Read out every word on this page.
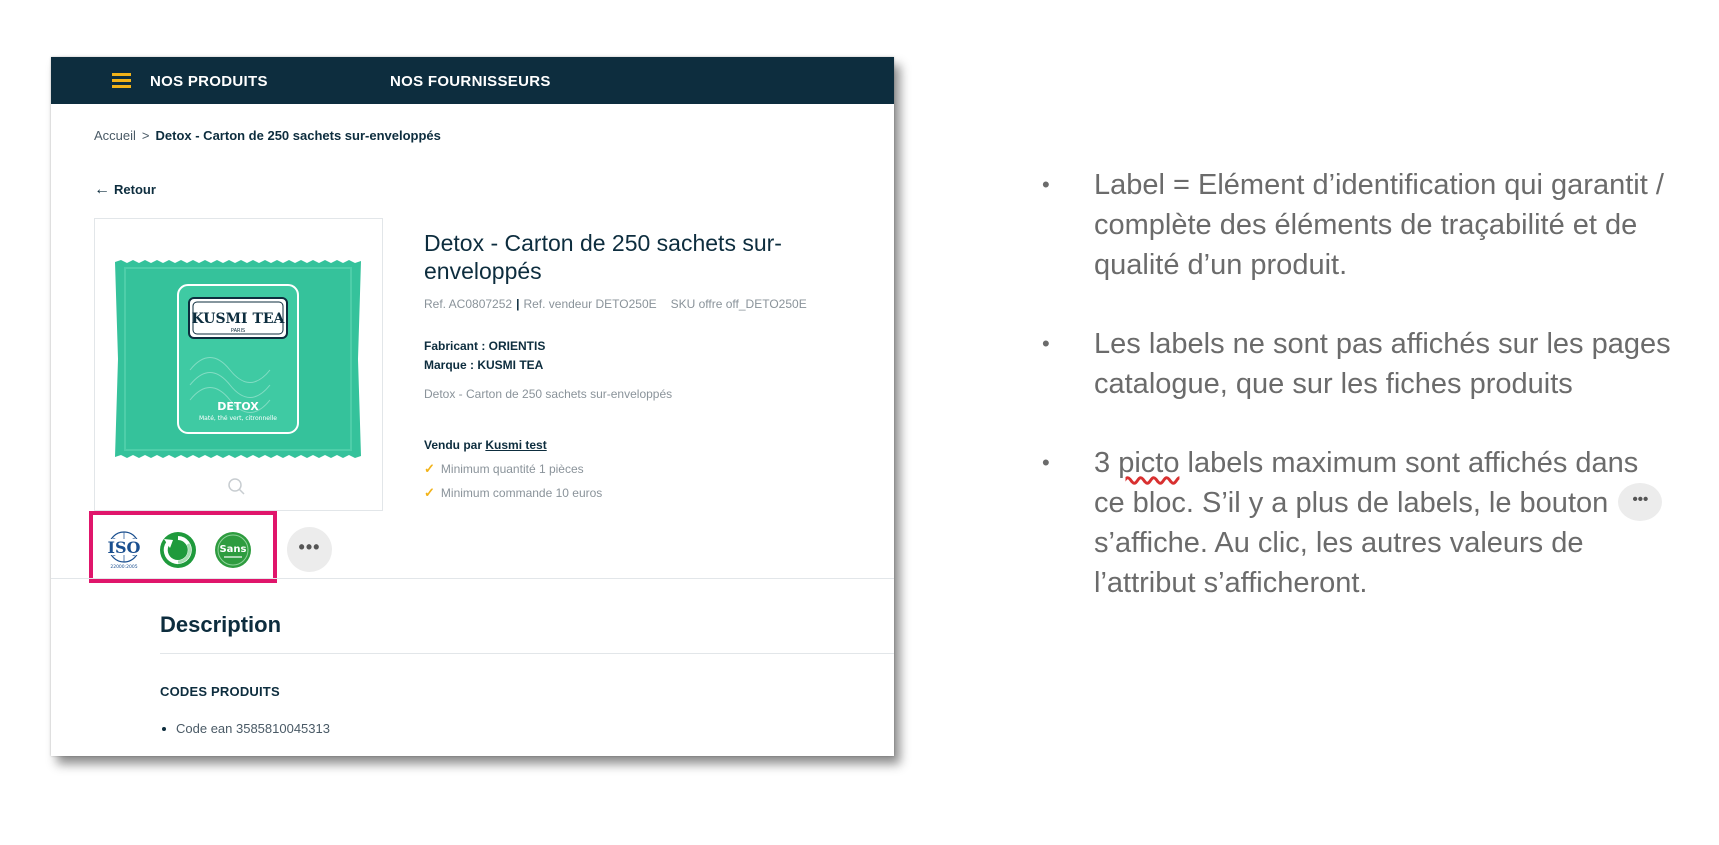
NOS PRODUITS	NOS FOURNISSEURS
Accueil > Detox - Carton de 250 sachets sur-enveloppés
← Retour
KUSMI TEA
PARIS
DETOX
Maté, thé vert, citronnelle
ISO
22000:2005
Sans	•••
Detox - Carton de 250 sachets sur-enveloppés
Ref. AC0807252 | Ref. vendeur DETO250E SKU offre off_DETO250E
Fabricant : ORIENTIS
Marque : KUSMI TEA
Detox - Carton de 250 sachets sur-enveloppés
Vendu par Kusmi test
✓ Minimum quantité 1 pièces
✓ Minimum commande 10 euros
Description
CODES PRODUITS
Code ean 3585810045313
• Label = Elément d’identification qui garantit / complète des éléments de traçabilité et de qualité d’un produit.
• Les labels ne sont pas affichés sur les pages catalogue, que sur les fiches produits
• 3 picto labels maximum sont affichés dans ce bloc. S’il y a plus de labels, le bouton ••• s’affiche. Au clic, les autres valeurs de l’attribut s’afficheront.
